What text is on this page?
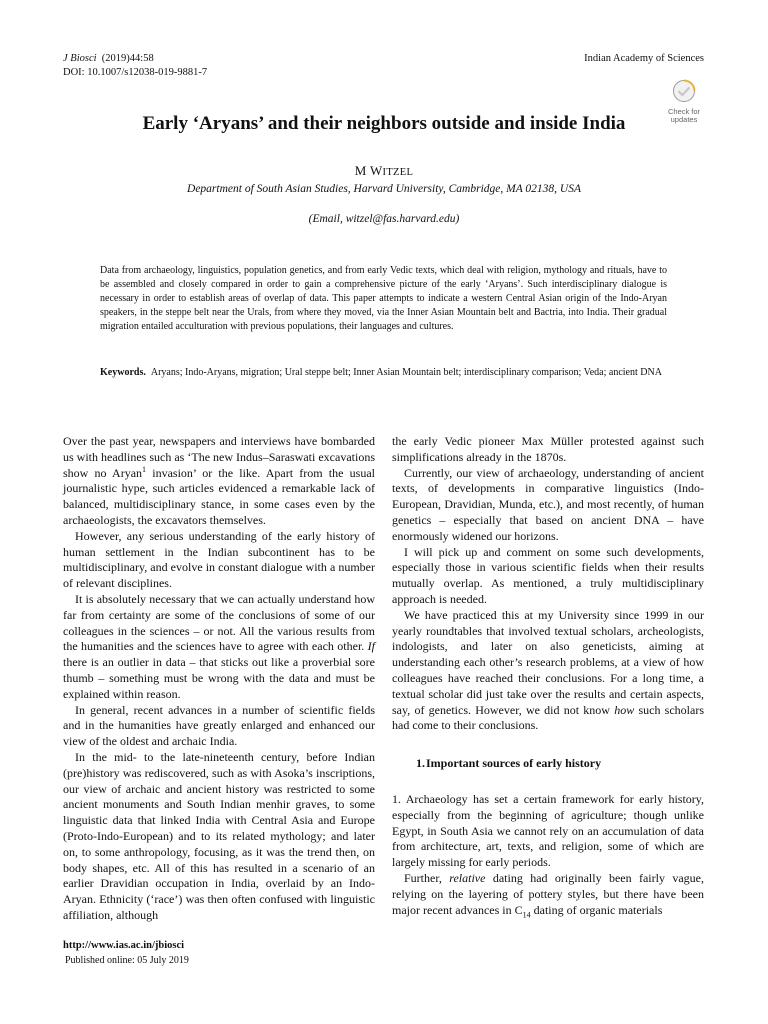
J Biosci (2019)44:58
DOI: 10.1007/s12038-019-9881-7
Indian Academy of Sciences
Check for
updates
Early ‘Aryans’ and their neighbors outside and inside India
M WITZEL
Department of South Asian Studies, Harvard University, Cambridge, MA 02138, USA
(Email, witzel@fas.harvard.edu)
Data from archaeology, linguistics, population genetics, and from early Vedic texts, which deal with religion, mythology and rituals, have to be assembled and closely compared in order to gain a comprehensive picture of the early ‘Aryans’. Such interdisciplinary dialogue is necessary in order to establish areas of overlap of data. This paper attempts to indicate a western Central Asian origin of the Indo-Aryan speakers, in the steppe belt near the Urals, from where they moved, via the Inner Asian Mountain belt and Bactria, into India. Their gradual migration entailed acculturation with previous populations, their languages and cultures.
Keywords. Aryans; Indo-Aryans, migration; Ural steppe belt; Inner Asian Mountain belt; interdisciplinary comparison; Veda; ancient DNA

Over the past year, newspapers and interviews have bombarded us with headlines such as ‘The new Indus–Saraswati excavations show no Aryan$^1$ invasion’ or the like. Apart from the usual journalistic hype, such articles evidenced a remarkable lack of balanced, multidisciplinary stance, in some cases even by the archaeologists, the excavators themselves.

However, any serious understanding of the early history of human settlement in the Indian subcontinent has to be multidisciplinary, and evolve in constant dialogue with a number of relevant disciplines.

It is absolutely necessary that we can actually understand how far from certainty are some of the conclusions of some of our colleagues in the sciences – or not. All the various results from the humanities and the sciences have to agree with each other. If there is an outlier in data – that sticks out like a proverbial sore thumb – something must be wrong with the data and must be explained within reason.

In general, recent advances in a number of scientific fields and in the humanities have greatly enlarged and enhanced our view of the oldest and archaic India.

In the mid- to the late-nineteenth century, before Indian (pre)history was rediscovered, such as with Asoka’s inscriptions, our view of archaic and ancient history was restricted to some ancient monuments and South Indian menhir graves, to some linguistic data that linked India with Central Asia and Europe (Proto-Indo-European) and to its related mythology; and later on, to some anthropology, focusing, as it was the trend then, on body shapes, etc. All of this has resulted in a scenario of an earlier Dravidian occupation in India, overlaid by an Indo-Aryan. Ethnicity (‘race’) was then often confused with linguistic affiliation, although

the early Vedic pioneer Max Müller protested against such simplifications already in the 1870s.

Currently, our view of archaeology, understanding of ancient texts, of developments in comparative linguistics (Indo-European, Dravidian, Munda, etc.), and most recently, of human genetics – especially that based on ancient DNA – have enormously widened our horizons.

I will pick up and comment on some such developments, especially those in various scientific fields when their results mutually overlap. As mentioned, a truly multidisciplinary approach is needed.

We have practiced this at my University since 1999 in our yearly roundtables that involved textual scholars, archeologists, indologists, and later on also geneticists, aiming at understanding each other’s research problems, at a view of how colleagues have reached their conclusions. For a long time, a textual scholar did just take over the results and certain aspects, say, of genetics. However, we did not know how such scholars had come to their conclusions.

1.Important sources of early history

1. Archaeology has set a certain framework for early history, especially from the beginning of agriculture; though unlike Egypt, in South Asia we cannot rely on an accumulation of data from architecture, art, texts, and religion, some of which are largely missing for early periods.

Further, relative dating had originally been fairly vague, relying on the layering of pottery styles, but there have been major recent advances in $C_{14}$ dating of organic materials

http://www.ias.ac.in/jbiosci
Published online: 05 July 2019
